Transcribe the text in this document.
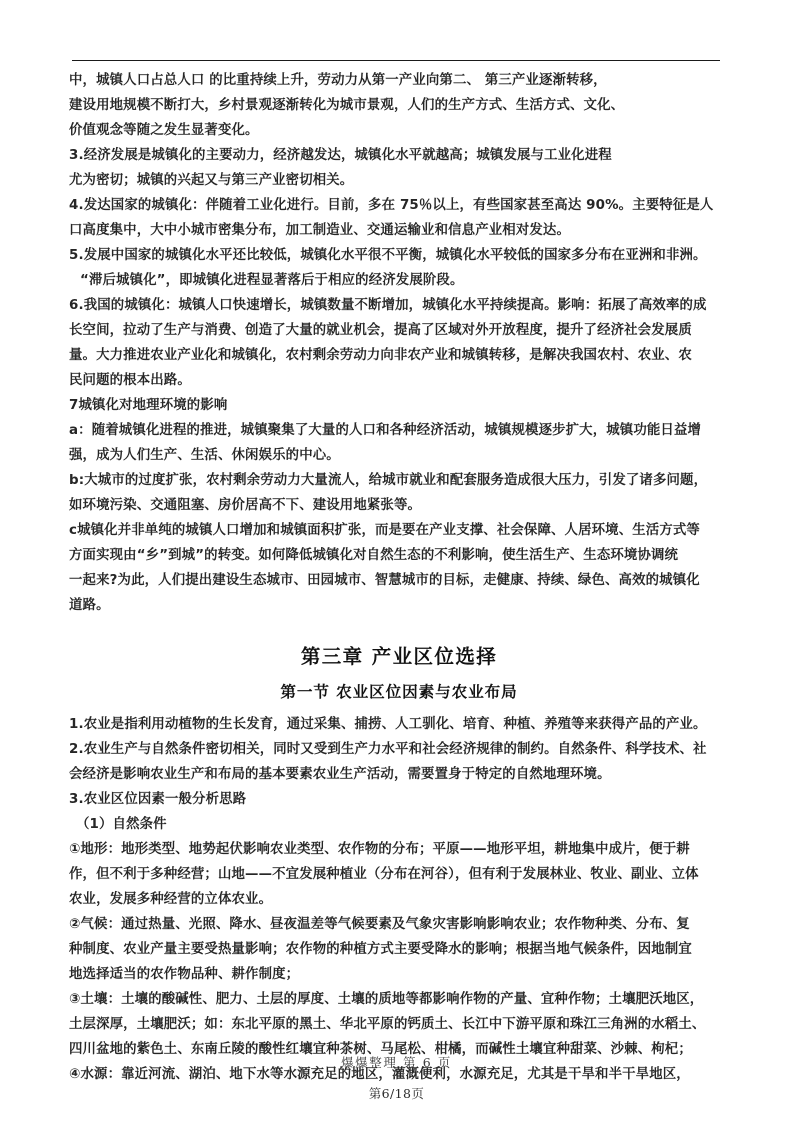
中，城镇人口占总人口 的比重持续上升，劳动力从第一产业向第二、 第三产业逐渐转移，
建设用地规模不断打大，乡村景观逐渐转化为城市景观，人们的生产方式、生活方式、文化、
价值观念等随之发生显著变化。
3.经济发展是城镇化的主要动力，经济越发达，城镇化水平就越高；城镇发展与工业化进程
尤为密切；城镇的兴起又与第三产业密切相关。
4.发达国家的城镇化：伴随着工业化进行。目前，多在 75％以上，有些国家甚至高达 90%。主要特征是人
口高度集中，大中小城市密集分布，加工制造业、交通运输业和信息产业相对发达。
5.发展中国家的城镇化水平还比较低，城镇化水平很不平衡，城镇化水平较低的国家多分布在亚洲和非洲。
“滞后城镇化”，即城镇化进程显著落后于相应的经济发展阶段。
6.我国的城镇化：城镇人口快速增长，城镇数量不断增加，城镇化水平持续提高。影响：拓展了高效率的成
长空间，拉动了生产与消费、创造了大量的就业机会，提高了区域对外开放程度，提升了经济社会发展质
量。大力推进农业产业化和城镇化，农村剩余劳动力向非农产业和城镇转移，是解决我国农村、农业、农
民问题的根本出路。
7城镇化对地理环境的影响
a：随着城镇化进程的推进，城镇聚集了大量的人口和各种经济活动，城镇规模逐步扩大，城镇功能日益增
强，成为人们生产、生活、休闲娱乐的中心。
b:大城市的过度扩张，农村剩余劳动力大量流人，给城市就业和配套服务造成很大压力，引发了诸多问题，
如环境污染、交通阻塞、房价居高不下、建设用地紧张等。
c城镇化并非单纯的城镇人口增加和城镇面积扩张，而是要在产业支撑、社会保障、人居环境、生活方式等
方面实现由“乡”到城”的转变。如何降低城镇化对自然生态的不利影响，使生活生产、生态环境协调统
一起来?为此，人们提出建设生态城市、田园城市、智慧城市的目标，走健康、持续、绿色、高效的城镇化
道路。
第三章 产业区位选择
第一节 农业区位因素与农业布局
1.农业是指利用动植物的生长发育，通过采集、捕捞、人工驯化、培育、种植、养殖等来获得产品的产业。
2.农业生产与自然条件密切相关，同时又受到生产力水平和社会经济规律的制约。自然条件、科学技术、社
会经济是影响农业生产和布局的基本要素农业生产活动，需要置身于特定的自然地理环境。
3.农业区位因素一般分析思路
（1）自然条件
①地形：地形类型、地势起伏影响农业类型、农作物的分布；平原——地形平坦，耕地集中成片，便于耕
作，但不利于多种经营；山地——不宜发展种植业（分布在河谷），但有利于发展林业、牧业、副业、立体
农业，发展多种经营的立体农业。
②气候：通过热量、光照、降水、昼夜温差等气候要素及气象灾害影响影响农业；农作物种类、分布、复
种制度、农业产量主要受热量影响；农作物的种植方式主要受降水的影响；根据当地气候条件，因地制宜
地选择适当的农作物品种、耕作制度；
③土壤：土壤的酸碱性、肥力、土层的厚度、土壤的质地等都影响作物的产量、宜种作物；土壤肥沃地区，
土层深厚，土壤肥沃；如：东北平原的黑土、华北平原的钙质土、长江中下游平原和珠江三角洲的水稻土、
四川盆地的紫色土、东南丘陵的酸性红壤宜种茶树、马尾松、柑橘，而碱性土壤宜种甜菜、沙棘、枸杞；
④水源：靠近河流、湖泊、地下水等水源充足的地区，灌溉便利，水源充足，尤其是干旱和半干旱地区，
爆爆整理 第 6 页
第6/18页
